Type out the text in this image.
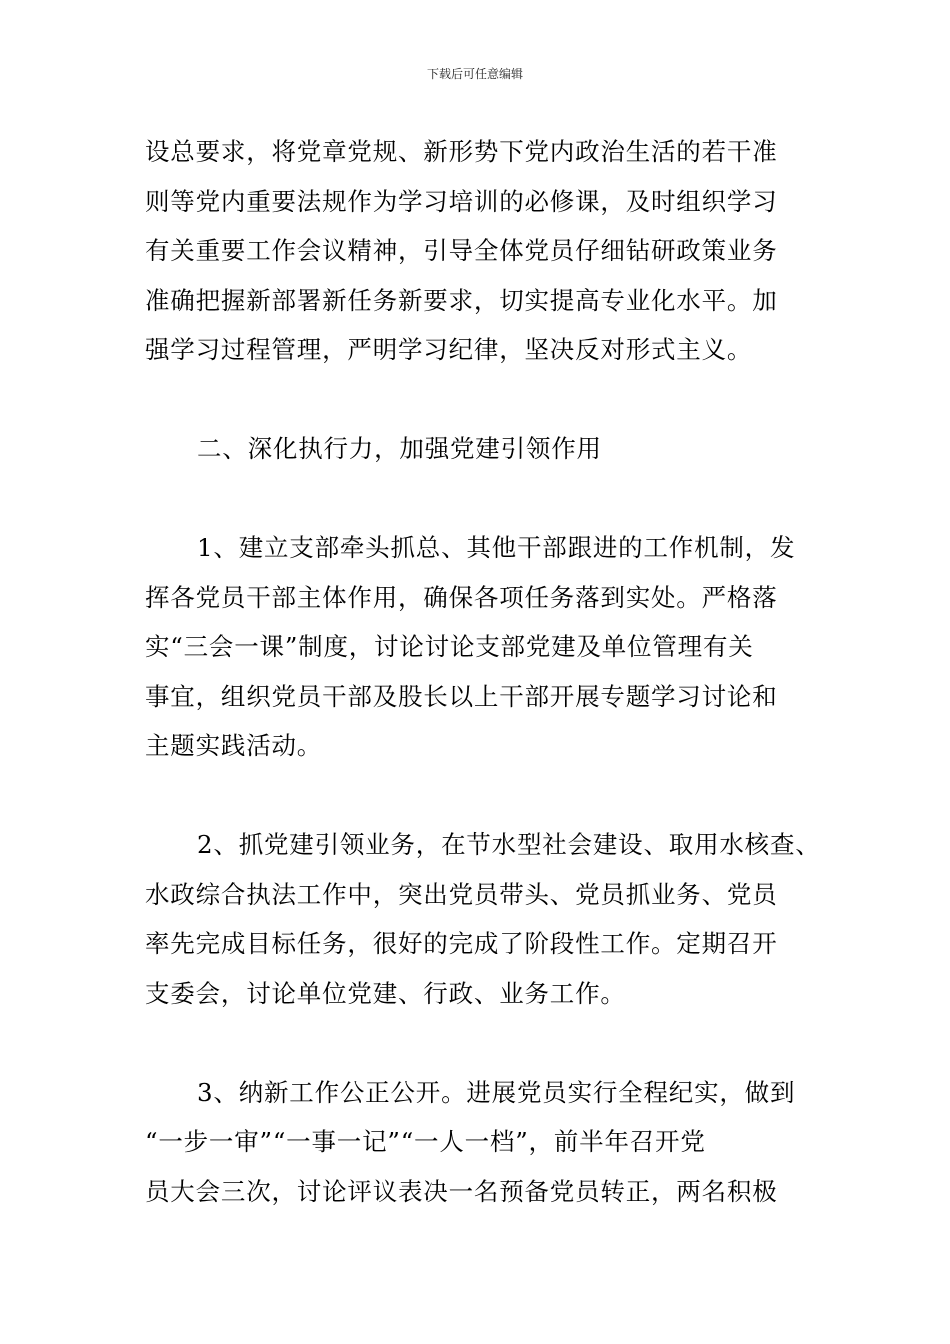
下载后可任意编辑
设总要求，将党章党规、新形势下党内政治生活的若干准
则等党内重要法规作为学习培训的必修课，及时组织学习
有关重要工作会议精神，引导全体党员仔细钻研政策业务
准确把握新部署新任务新要求，切实提高专业化水平。加
强学习过程管理，严明学习纪律，坚决反对形式主义。
二、深化执行力，加强党建引领作用
1、建立支部牵头抓总、其他干部跟进的工作机制，发
挥各党员干部主体作用，确保各项任务落到实处。严格落
实“三会一课”制度，讨论讨论支部党建及单位管理有关
事宜，组织党员干部及股长以上干部开展专题学习讨论和
主题实践活动。
2、抓党建引领业务，在节水型社会建设、取用水核查、
水政综合执法工作中，突出党员带头、党员抓业务、党员
率先完成目标任务，很好的完成了阶段性工作。定期召开
支委会，讨论单位党建、行政、业务工作。
3、纳新工作公正公开。进展党员实行全程纪实，做到
“一步一审”“一事一记”“一人一档”，前半年召开党
员大会三次，讨论评议表决一名预备党员转正，两名积极
